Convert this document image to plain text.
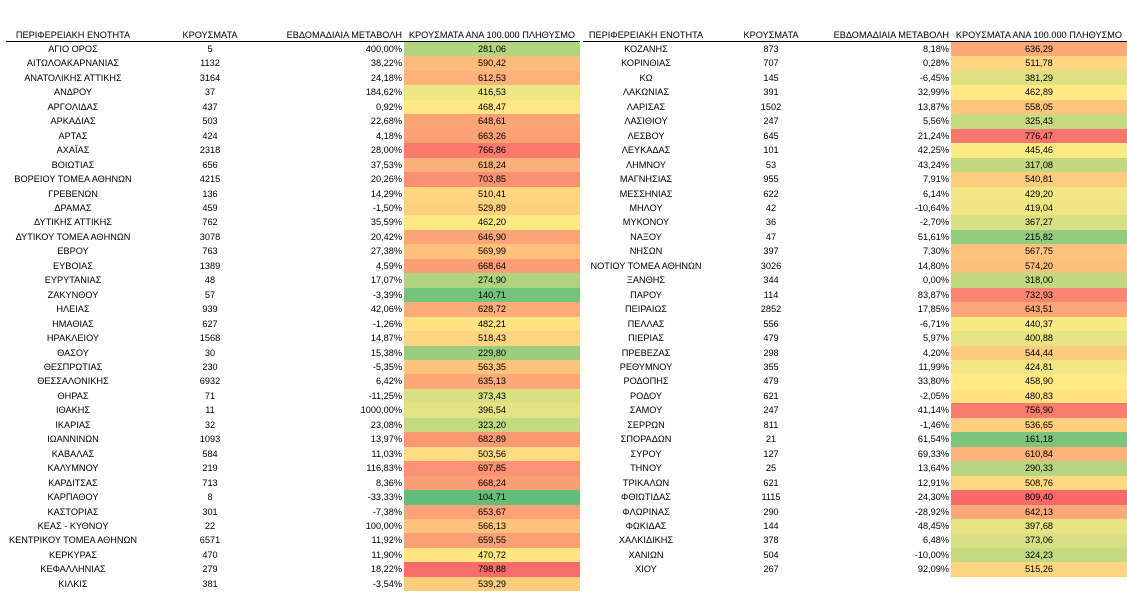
ΠΕΡΙΦΕΡΕΙΑΚΗ ΕΝΟΤΗΤΑ	ΚΡΟΥΣΜΑΤΑ	ΕΒΔΟΜΑΔΙΑΙΑ ΜΕΤΑΒΟΛΗ	ΚΡΟΥΣΜΑΤΑ ΑΝΑ 100.000 ΠΛΗΘΥΣΜΟ
ΑΓΙΟ ΟΡΟΣ	5	400,00%	281,06
ΑΙΤΩΛΟΑΚΑΡΝΑΝΙΑΣ	1132	38,22%	590,42
ΑΝΑΤΟΛΙΚΗΣ ΑΤΤΙΚΗΣ	3164	24,18%	612,53
ΑΝΔΡΟΥ	37	184,62%	416,53
ΑΡΓΟΛΙΔΑΣ	437	0,92%	468,47
ΑΡΚΑΔΙΑΣ	503	22,68%	648,61
ΑΡΤΑΣ	424	4,18%	663,26
ΑΧΑΪΑΣ	2318	28,00%	766,86
ΒΟΙΩΤΙΑΣ	656	37,53%	618,24
ΒΟΡΕΙΟΥ ΤΟΜΕΑ ΑΘΗΝΩΝ	4215	20,26%	703,85
ΓΡΕΒΕΝΩΝ	136	14,29%	510,41
ΔΡΑΜΑΣ	459	-1,50%	529,89
ΔΥΤΙΚΗΣ ΑΤΤΙΚΗΣ	762	35,59%	462,20
ΔΥΤΙΚΟΥ ΤΟΜΕΑ ΑΘΗΝΩΝ	3078	20,42%	646,90
ΕΒΡΟΥ	763	27,38%	569,99
ΕΥΒΟΙΑΣ	1389	4,59%	668,64
ΕΥΡΥΤΑΝΙΑΣ	48	17,07%	274,90
ΖΑΚΥΝΘΟΥ	57	-3,39%	140,71
ΗΛΕΙΑΣ	939	42,06%	628,72
ΗΜΑΘΙΑΣ	627	-1,26%	482,21
ΗΡΑΚΛΕΙΟΥ	1568	14,87%	518,43
ΘΑΣΟΥ	30	15,38%	229,80
ΘΕΣΠΡΩΤΙΑΣ	230	-5,35%	563,35
ΘΕΣΣΑΛΟΝΙΚΗΣ	6932	6,42%	635,13
ΘΗΡΑΣ	71	-11,25%	373,43
ΙΘΑΚΗΣ	11	1000,00%	396,54
ΙΚΑΡΙΑΣ	32	23,08%	323,20
ΙΩΑΝΝΙΝΩΝ	1093	13,97%	682,89
ΚΑΒΑΛΑΣ	584	11,03%	503,56
ΚΑΛΥΜΝΟΥ	219	116,83%	697,85
ΚΑΡΔΙΤΣΑΣ	713	8,36%	668,24
ΚΑΡΠΑΘΟΥ	8	-33,33%	104,71
ΚΑΣΤΟΡΙΑΣ	301	-7,38%	653,67
ΚΕΑΣ - ΚΥΘΝΟΥ	22	100,00%	566,13
ΚΕΝΤΡΙΚΟΥ ΤΟΜΕΑ ΑΘΗΝΩΝ	6571	11,92%	659,55
ΚΕΡΚΥΡΑΣ	470	11,90%	470,72
ΚΕΦΑΛΛΗΝΙΑΣ	279	18,22%	798,88
ΚΙΛΚΙΣ	381	-3,54%	539,29
ΠΕΡΙΦΕΡΕΙΑΚΗ ΕΝΟΤΗΤΑ	ΚΡΟΥΣΜΑΤΑ	ΕΒΔΟΜΑΔΙΑΙΑ ΜΕΤΑΒΟΛΗ	ΚΡΟΥΣΜΑΤΑ ΑΝΑ 100.000 ΠΛΗΘΥΣΜΟ
ΚΟΖΑΝΗΣ	873	8,18%	636,29
ΚΟΡΙΝΘΙΑΣ	707	0,28%	511,78
ΚΩ	145	-6,45%	381,29
ΛΑΚΩΝΙΑΣ	391	32,99%	462,89
ΛΑΡΙΣΑΣ	1502	13,87%	558,05
ΛΑΣΙΘΙΟΥ	247	5,56%	325,43
ΛΕΣΒΟΥ	645	21,24%	776,47
ΛΕΥΚΑΔΑΣ	101	42,25%	445,46
ΛΗΜΝΟΥ	53	43,24%	317,08
ΜΑΓΝΗΣΙΑΣ	955	7,91%	540,81
ΜΕΣΣΗΝΙΑΣ	622	6,14%	429,20
ΜΗΛΟΥ	42	-10,64%	419,04
ΜΥΚΟΝΟΥ	36	-2,70%	367,27
ΝΑΞΟΥ	47	51,61%	215,82
ΝΗΣΩΝ	397	7,30%	567,75
ΝΟΤΙΟΥ ΤΟΜΕΑ ΑΘΗΝΩΝ	3026	14,80%	574,20
ΞΑΝΘΗΣ	344	0,00%	318,00
ΠΑΡΟΥ	114	83,87%	732,93
ΠΕΙΡΑΙΩΣ	2852	17,85%	643,51
ΠΕΛΛΑΣ	556	-6,71%	440,37
ΠΙΕΡΙΑΣ	479	5,97%	400,88
ΠΡΕΒΕΖΑΣ	298	4,20%	544,44
ΡΕΘΥΜΝΟΥ	355	11,99%	424,81
ΡΟΔΟΠΗΣ	479	33,80%	458,90
ΡΟΔΟΥ	621	-2,05%	480,83
ΣΑΜΟΥ	247	41,14%	756,90
ΣΕΡΡΩΝ	811	-1,46%	536,65
ΣΠΟΡΑΔΩΝ	21	61,54%	161,18
ΣΥΡΟΥ	127	69,33%	610,84
ΤΗΝΟΥ	25	13,64%	290,33
ΤΡΙΚΑΛΩΝ	621	12,91%	508,76
ΦΘΙΩΤΙΔΑΣ	1115	24,30%	809,40
ΦΛΩΡΙΝΑΣ	290	-28,92%	642,13
ΦΩΚΙΔΑΣ	144	48,45%	397,68
ΧΑΛΚΙΔΙΚΗΣ	378	6,48%	373,06
ΧΑΝΙΩΝ	504	-10,00%	324,23
ΧΙΟΥ	267	92,09%	515,26
